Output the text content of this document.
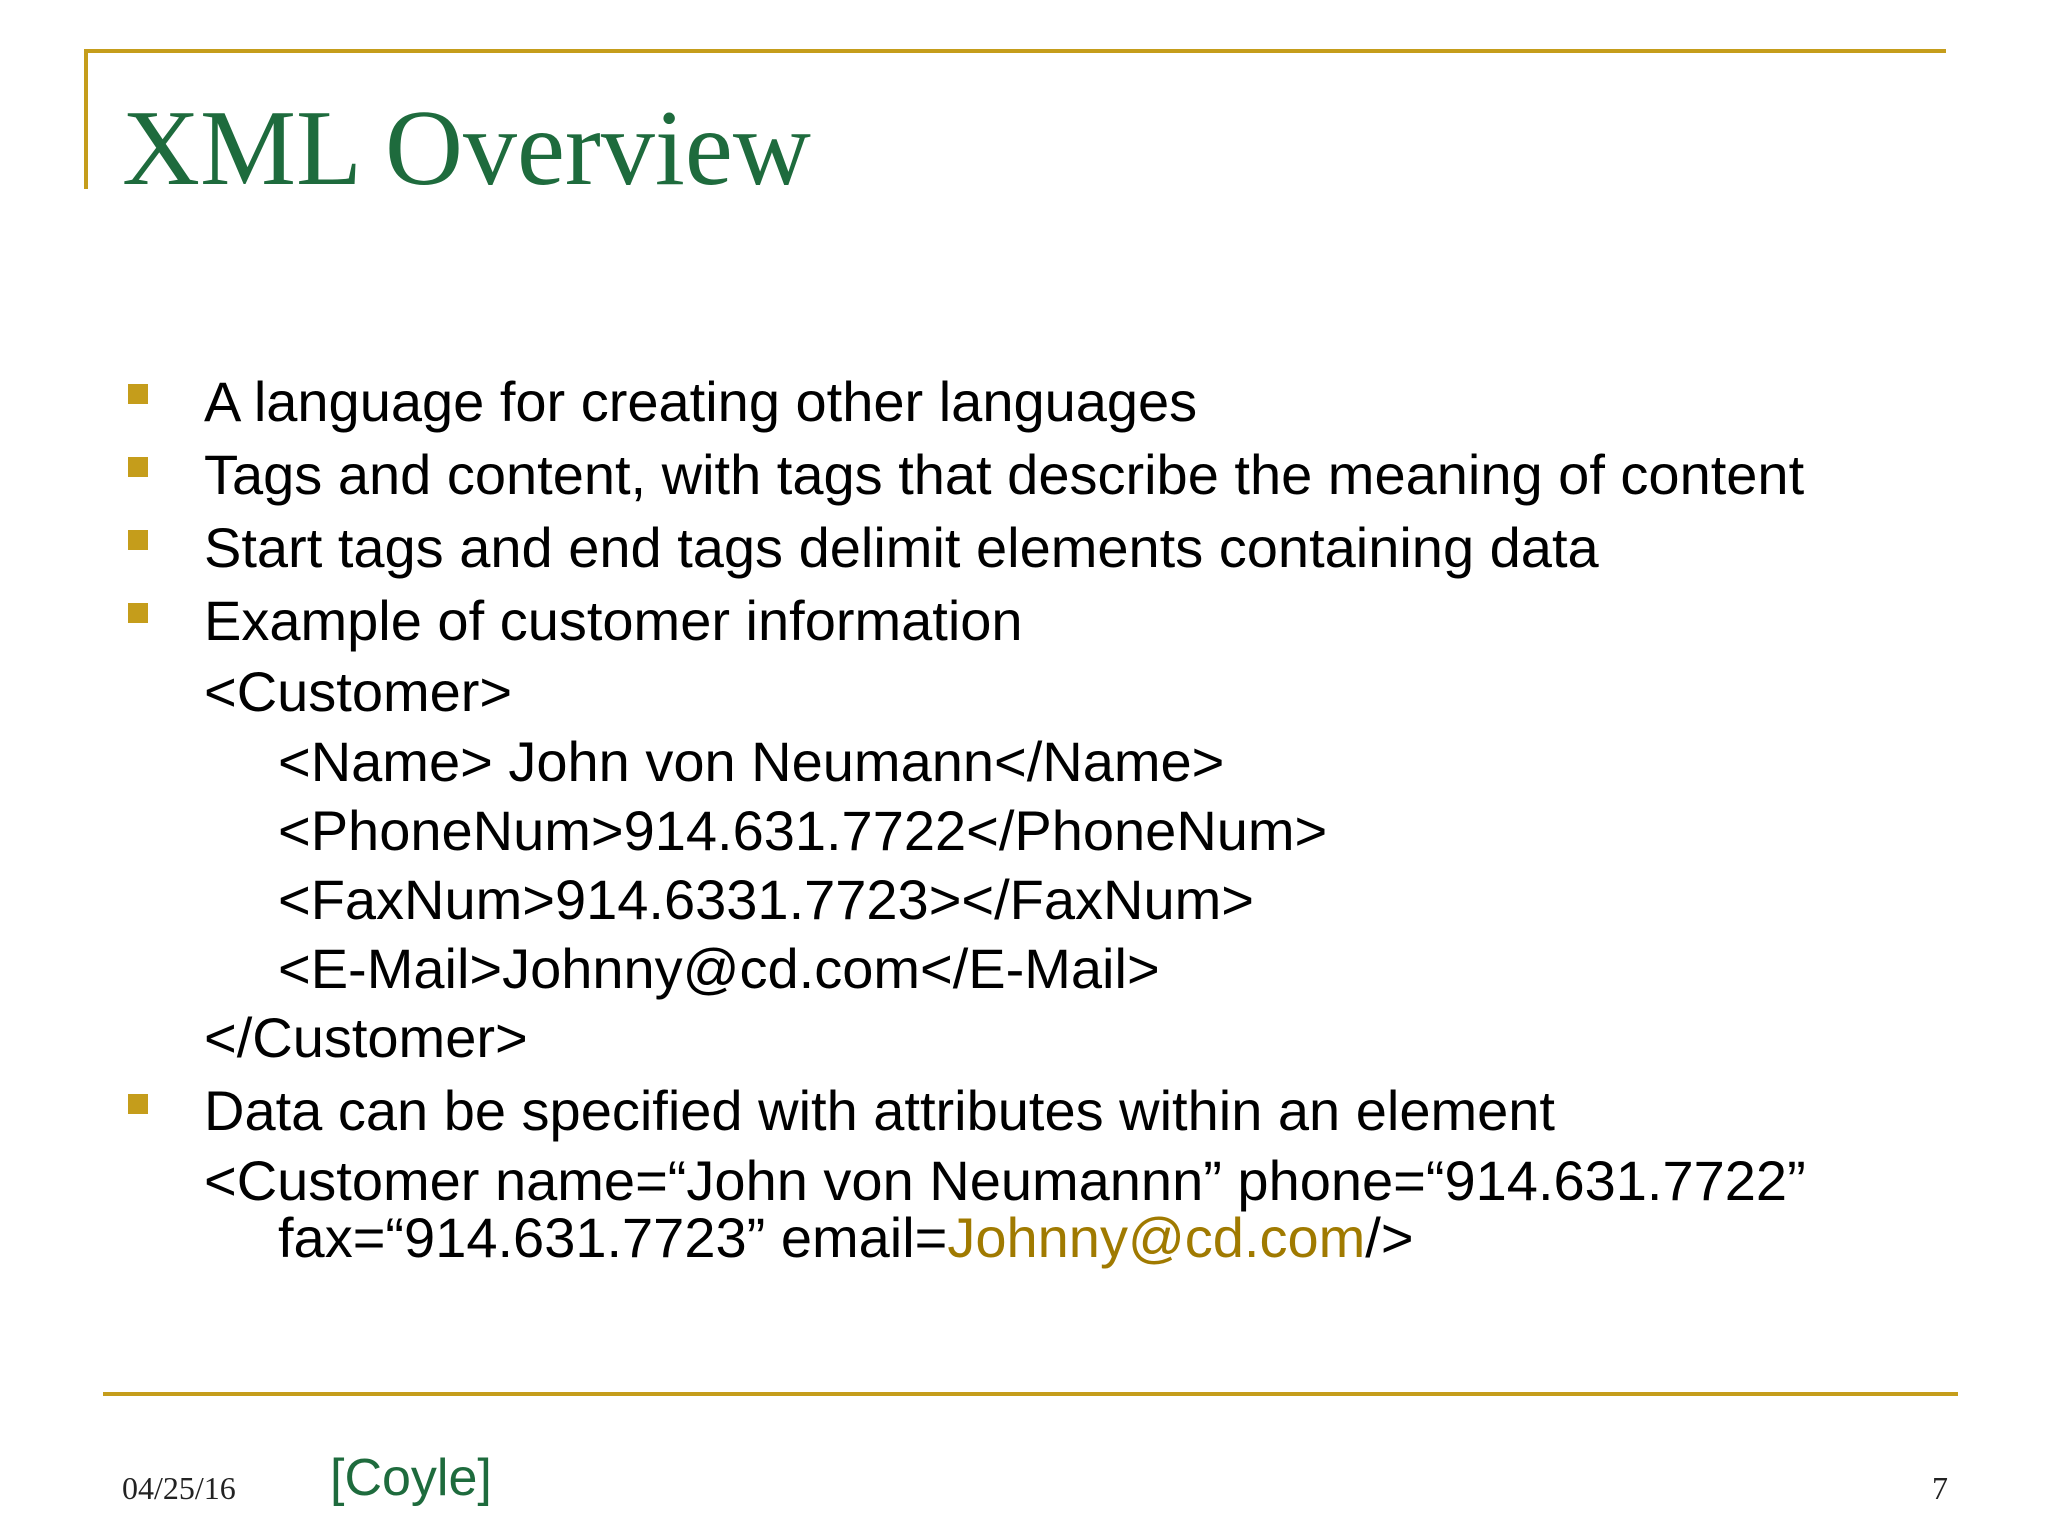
XML Overview
A language for creating other languages
Tags and content, with tags that describe the meaning of content
Start tags and end tags delimit elements containing data
Example of customer information
<Customer>
<Name> John von Neumann</Name>
<PhoneNum>914.631.7722</PhoneNum>
<FaxNum>914.6331.7723></FaxNum>
<E-Mail>Johnny@cd.com</E-Mail>
</Customer>
Data can be specified with attributes within an element
<Customer name=“John von Neumannn” phone=“914.631.7722”
fax=“914.631.7723” email=Johnny@cd.com/>
04/25/16 [Coyle]	7
